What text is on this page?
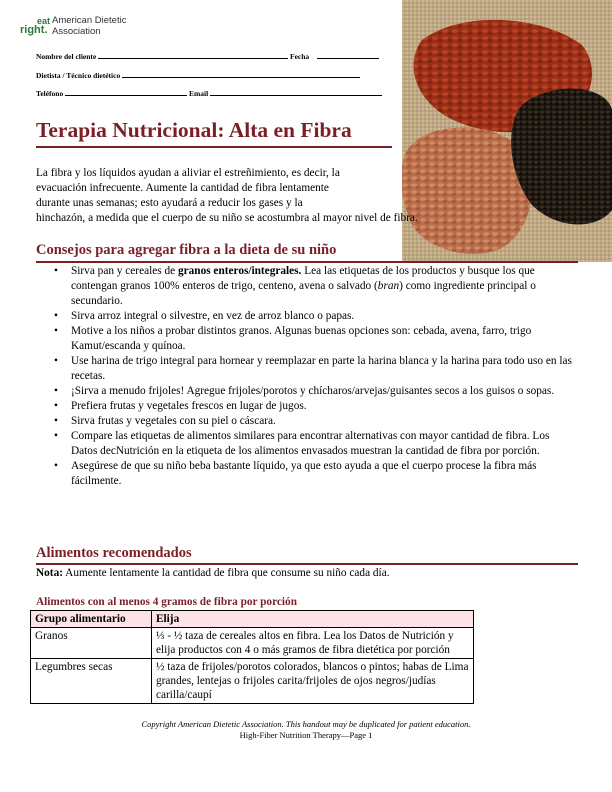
eat
right.
American Dietetic
Association
Nombre del cliente	Fecha
Dietista / Técnico dietético
Teléfono	Email
Terapia Nutricional: Alta en Fibra
La fibra y los líquidos ayudan a aliviar el estreñimiento, es decir, la
evacuación infrecuente. Aumente la cantidad de fibra lentamente
durante unas semanas; esto ayudará a reducir los gases y la
hinchazón, a medida que el cuerpo de su niño se acostumbra al mayor nivel de fibra.
Consejos para agregar fibra a la dieta de su niño
• Sirva pan y cereales de granos enteros/integrales. Lea las etiquetas de los productos y busque los que contengan granos 100% enteros de trigo, centeno, avena o salvado (bran) como ingrediente principal o secundario.
• Sirva arroz integral o silvestre, en vez de arroz blanco o papas.
• Motive a los niños a probar distintos granos. Algunas buenas opciones son: cebada, avena, farro, trigo Kamut/escanda y quínoa.
• Use harina de trigo integral para hornear y reemplazar en parte la harina blanca y la harina para todo uso en las recetas.
• ¡Sirva a menudo frijoles! Agregue frijoles/porotos y chícharos/arvejas/guisantes secos a los guisos o sopas.
• Prefiera frutas y vegetales frescos en lugar de jugos.
• Sirva frutas y vegetales con su piel o cáscara.
• Compare las etiquetas de alimentos similares para encontrar alternativas con mayor cantidad de fibra. Los Datos decNutrición en la etiqueta de los alimentos envasados muestran la cantidad de fibra por porción.
• Asegúrese de que su niño beba bastante líquido, ya que esto ayuda a que el cuerpo procese la fibra más fácilmente.
Alimentos recomendados
Nota: Aumente lentamente la cantidad de fibra que consume su niño cada día.
Alimentos con al menos 4 gramos de fibra por porción
Grupo alimentario	Elija
Granos	⅓ - ½ taza de cereales altos en fibra. Lea los Datos de Nutrición y elija productos con 4 o más gramos de fibra dietética por porción
Legumbres secas	½ taza de frijoles/porotos colorados, blancos o pintos; habas de Lima grandes, lentejas o frijoles carita/frijoles de ojos negros/judías carilla/caupí
Copyright American Dietetic Association. This handout may be duplicated for patient education.
High-Fiber Nutrition Therapy—Page 1
